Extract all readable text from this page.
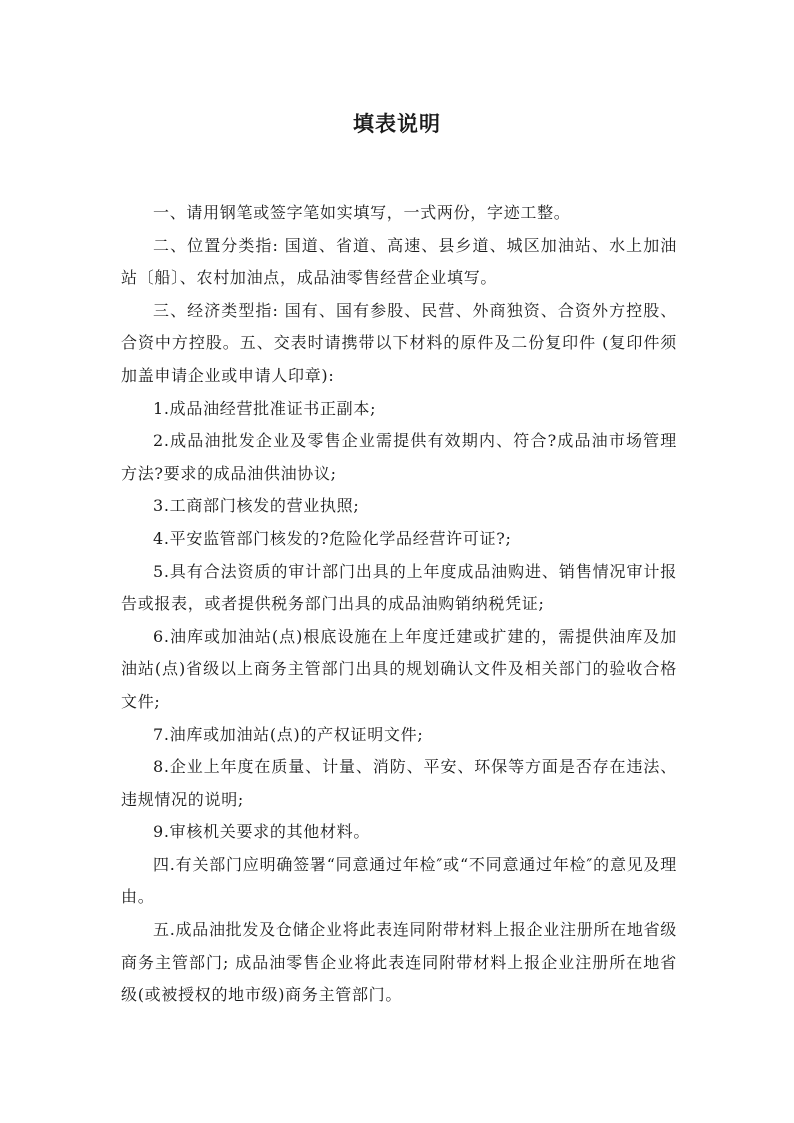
填表说明

一、请用钢笔或签字笔如实填写，一式两份，字迹工整。

二、位置分类指: 国道、省道、高速、县乡道、城区加油站、水上加油站〔船〕、农村加油点，成品油零售经营企业填写。

三、经济类型指: 国有、国有参股、民营、外商独资、合资外方控股、合资中方控股。五、交表时请携带以下材料的原件及二份复印件 (复印件须加盖申请企业或申请人印章):

1.成品油经营批准证书正副本;

2.成品油批发企业及零售企业需提供有效期内、符合?成品油市场管理方法?要求的成品油供油协议;

3.工商部门核发的营业执照;

4.平安监管部门核发的?危险化学品经营许可证?;

5.具有合法资质的审计部门出具的上年度成品油购进、销售情况审计报告或报表，或者提供税务部门出具的成品油购销纳税凭证;

6.油库或加油站(点)根底设施在上年度迁建或扩建的，需提供油库及加油站(点)省级以上商务主管部门出具的规划确认文件及相关部门的验收合格文件;

7.油库或加油站(点)的产权证明文件;

8.企业上年度在质量、计量、消防、平安、环保等方面是否存在违法、违规情况的说明;

9.审核机关要求的其他材料。

四.有关部门应明确签署“同意通过年检″或“不同意通过年检″的意见及理由。

五.成品油批发及仓储企业将此表连同附带材料上报企业注册所在地省级商务主管部门; 成品油零售企业将此表连同附带材料上报企业注册所在地省级(或被授权的地市级)商务主管部门。
